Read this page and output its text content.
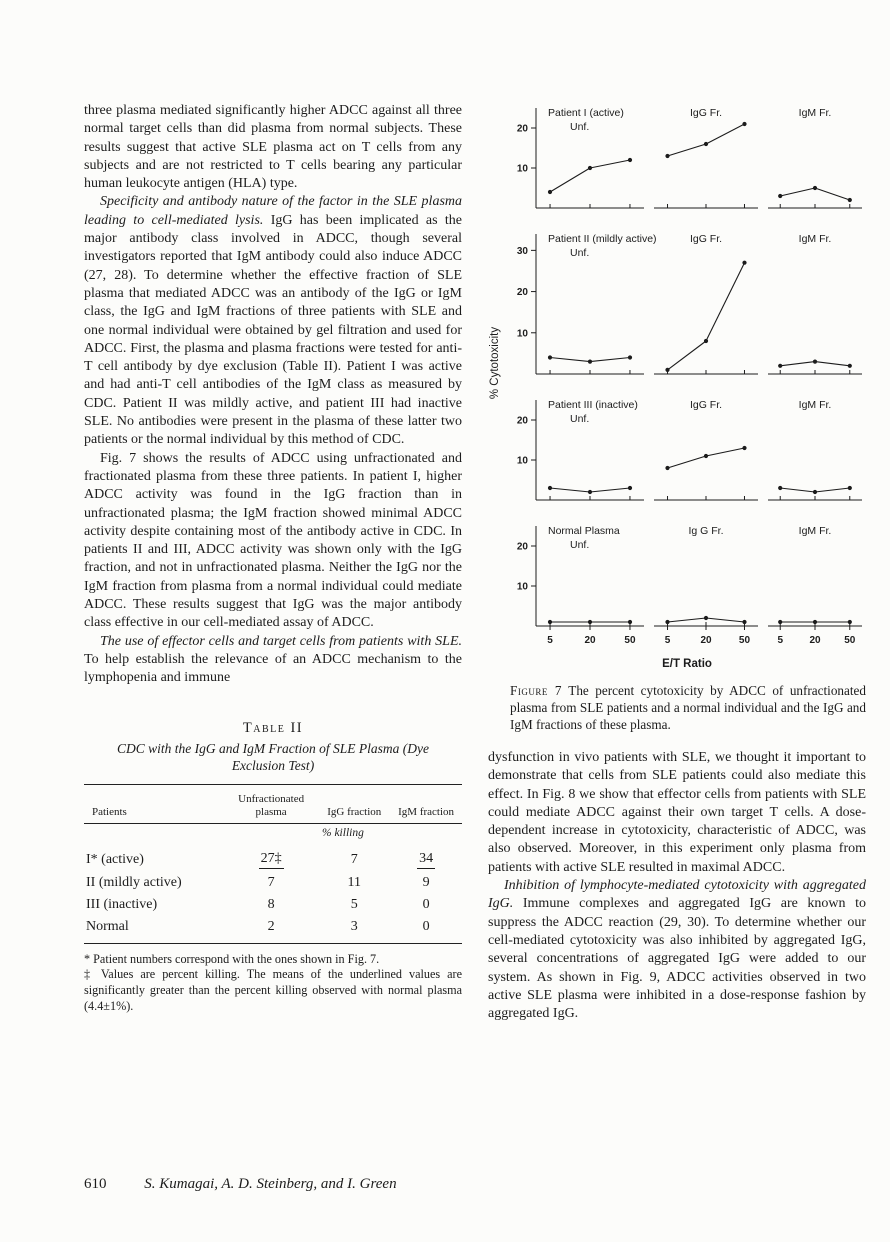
three plasma mediated significantly higher ADCC against all three normal target cells than did plasma from normal subjects. These results suggest that active SLE plasma act on T cells from any subjects and are not restricted to T cells bearing any particular human leukocyte antigen (HLA) type.

Specificity and antibody nature of the factor in the SLE plasma leading to cell-mediated lysis. IgG has been implicated as the major antibody class involved in ADCC, though several investigators reported that IgM antibody could also induce ADCC (27, 28). To determine whether the effective fraction of SLE plasma that mediated ADCC was an antibody of the IgG or IgM class, the IgG and IgM fractions of three patients with SLE and one normal individual were obtained by gel filtration and used for ADCC. First, the plasma and plasma fractions were tested for anti-T cell antibody by dye exclusion (Table II). Patient I was active and had anti-T cell antibodies of the IgM class as measured by CDC. Patient II was mildly active, and patient III had inactive SLE. No antibodies were present in the plasma of these latter two patients or the normal individual by this method of CDC.

Fig. 7 shows the results of ADCC using unfractionated and fractionated plasma from these three patients. In patient I, higher ADCC activity was found in the IgG fraction than in unfractionated plasma; the IgM fraction showed minimal ADCC activity despite containing most of the antibody active in CDC. In patients II and III, ADCC activity was shown only with the IgG fraction, and not in unfractionated plasma. Neither the IgG nor the IgM fraction from plasma from a normal individual could mediate ADCC. These results suggest that IgG was the major antibody class effective in our cell-mediated assay of ADCC.

The use of effector cells and target cells from patients with SLE. To help establish the relevance of an ADCC mechanism to the lymphopenia and immune

Table II
CDC with the IgG and IgM Fraction of SLE Plasma (Dye Exclusion Test)
Patients	Unfractionated plasma	IgG fraction	IgM fraction
	% killing		
I* (active)	27‡	7	34
II (mildly active)	7	11	9
III (inactive)	8	5	0
Normal	2	3	0

* Patient numbers correspond with the ones shown in Fig. 7.

‡ Values are percent killing. The means of the underlined values are significantly greater than the percent killing observed with normal plasma (4.4±1%).

% Cytotoxicity
10
20
Patient I (active)
Unf.
IgG Fr.	IgM Fr.
10
20
30
Patient II (mildly active)
Unf.
IgG Fr.	IgM Fr.
10
20
Patient III (inactive)
Unf.
IgG Fr.	IgM Fr.
10
20
5	20	50
Normal Plasma
Unf.
5	20	50
Ig G Fr.
5	20 50
IgM Fr.
E/T Ratio
Figure 7 The percent cytotoxicity by ADCC of unfractionated plasma from SLE patients and a normal individual and the IgG and IgM fractions of these plasma.

dysfunction in vivo patients with SLE, we thought it important to demonstrate that cells from SLE patients could also mediate this effect. In Fig. 8 we show that effector cells from patients with SLE could mediate ADCC against their own target T cells. A dose-dependent increase in cytotoxicity, characteristic of ADCC, was also observed. Moreover, in this experiment only plasma from patients with active SLE resulted in maximal ADCC.

Inhibition of lymphocyte-mediated cytotoxicity with aggregated IgG. Immune complexes and aggregated IgG are known to suppress the ADCC reaction (29, 30). To determine whether our cell-mediated cytotoxicity was also inhibited by aggregated IgG, several concentrations of aggregated IgG were added to our system. As shown in Fig. 9, ADCC activities observed in two active SLE plasma were inhibited in a dose-response fashion by aggregated IgG.

610	S. Kumagai, A. D. Steinberg, and I. Green
